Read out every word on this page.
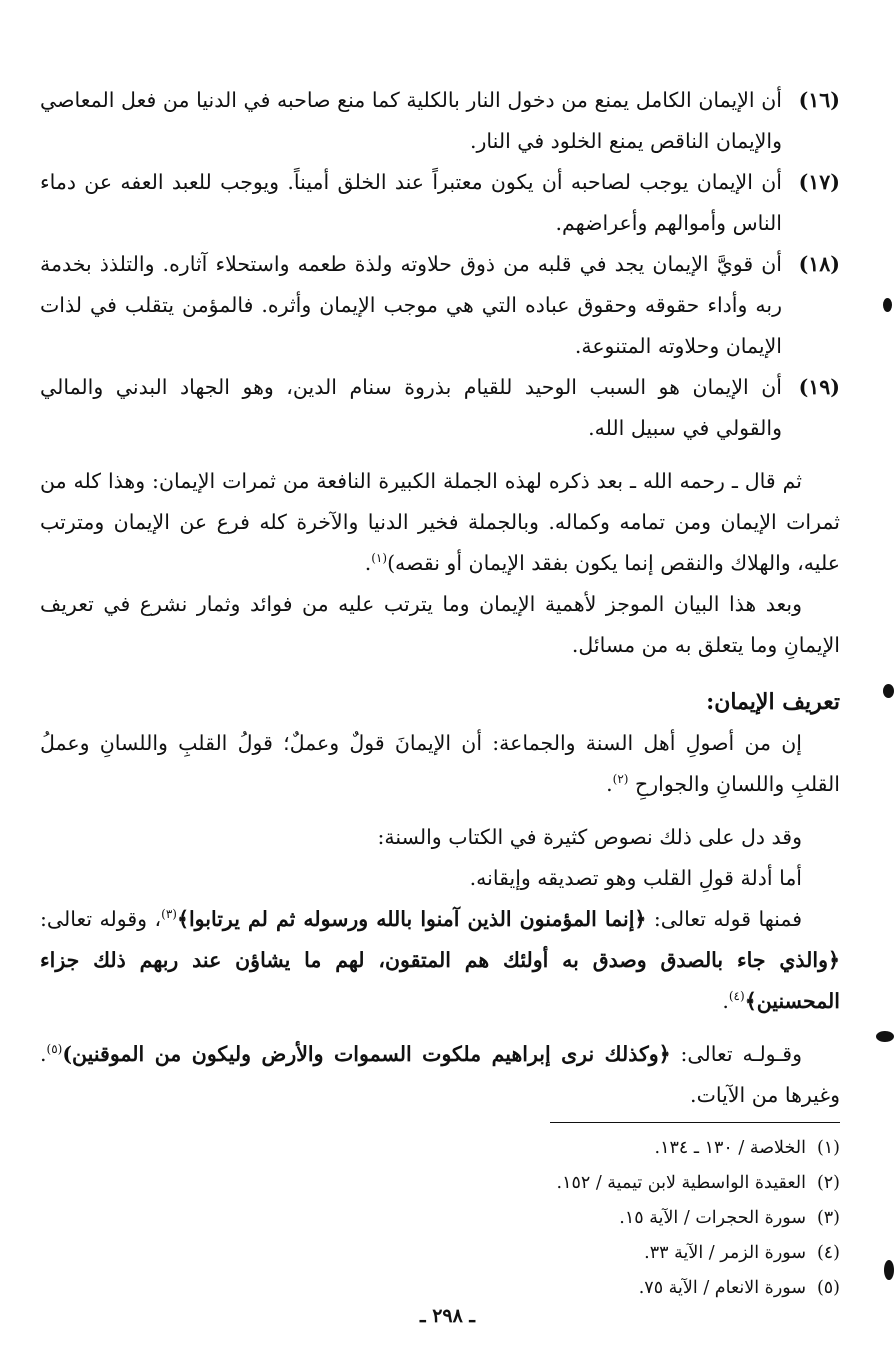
(١٦)
أن الإيمان الكامل يمنع من دخول النار بالكلية كما منع صاحبه في الدنيا من فعل المعاصي والإيمان الناقص يمنع الخلود في النار.
(١٧)
أن الإيمان يوجب لصاحبه أن يكون معتبراً عند الخلق أميناً. ويوجب للعبد العفه عن دماء الناس وأموالهم وأعراضهم.
(١٨)
أن قويَّ الإيمان يجد في قلبه من ذوق حلاوته ولذة طعمه واستحلاء آثاره. والتلذذ بخدمة ربه وأداء حقوقه وحقوق عباده التي هي موجب الإيمان وأثره. فالمؤمن يتقلب في لذات الإيمان وحلاوته المتنوعة.
(١٩)
أن الإيمان هو السبب الوحيد للقيام بذروة سنام الدين، وهو الجهاد البدني والمالي والقولي في سبيل الله.

ثم قال ـ رحمه الله ـ بعد ذكره لهذه الجملة الكبيرة النافعة من ثمرات الإيمان: وهذا كله من ثمرات الإيمان ومن تمامه وكماله. وبالجملة فخير الدنيا والآخرة كله فرع عن الإيمان ومترتب عليه، والهلاك والنقص إنما يكون بفقد الإيمان أو نقصه)$^{(١)}$.

وبعد هذا البيان الموجز لأهمية الإيمان وما يترتب عليه من فوائد وثمار نشرع في تعريف الإيمانِ وما يتعلق به من مسائل.

تعريف الإيمان:

إن من أصولِ أهل السنة والجماعة: أن الإيمانَ قولٌ وعملٌ؛ قولُ القلبِ واللسانِ وعملُ القلبِ واللسانِ والجوارحِ $^{(٢)}$.

وقد دل على ذلك نصوص كثيرة في الكتاب والسنة:

أما أدلة قولِ القلب وهو تصديقه وإيقانه.

فمنها قوله تعالى: ﴿إنما المؤمنون الذين آمنوا بالله ورسوله ثم لم يرتابوا﴾$^{(٣)}$، وقوله تعالى: ﴿والذي جاء بالصدق وصدق به أولئك هم المتقون، لهم ما يشاؤن عند ربهم ذلك جزاء المحسنين﴾$^{(٤)}$.

وقـولـه تعالى: ﴿وكذلك نرى إبراهيم ملكوت السموات والأرض وليكون من الموقنين)$^{(٥)}$. وغيرها من الآيات.

(١)
الخلاصة / ١٣٠ ـ ١٣٤.
(٢)
العقيدة الواسطية لابن تيمية / ١٥٢.
(٣)
سورة الحجرات / الآية ١٥.
(٤)
سورة الزمر / الآية ٣٣.
(٥)
سورة الانعام / الآية ٧٥.
ـ ٢٩٨ ـ
